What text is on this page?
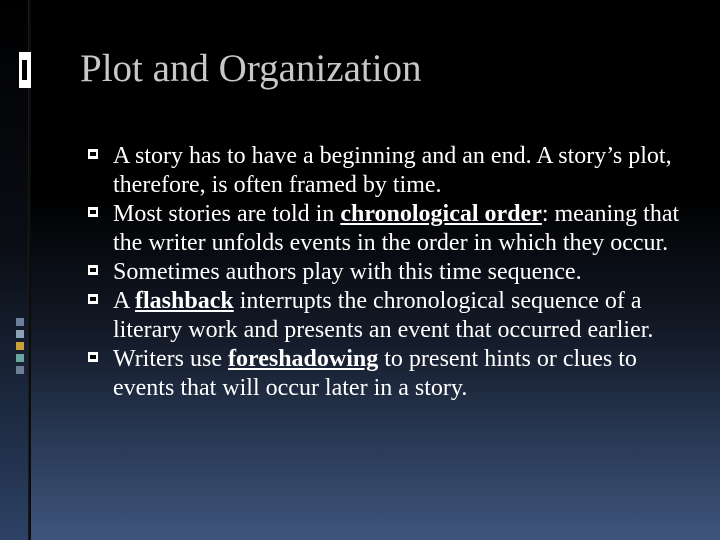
Plot and Organization
A story has to have a beginning and an end. A story’s plot, therefore, is often framed by time.
Most stories are told in chronological order: meaning that the writer unfolds events in the order in which they occur.
Sometimes authors play with this time sequence.
A flashback interrupts the chronological sequence of a literary work and presents an event that occurred earlier.
Writers use foreshadowing to present hints or clues to events that will occur later in a story.
